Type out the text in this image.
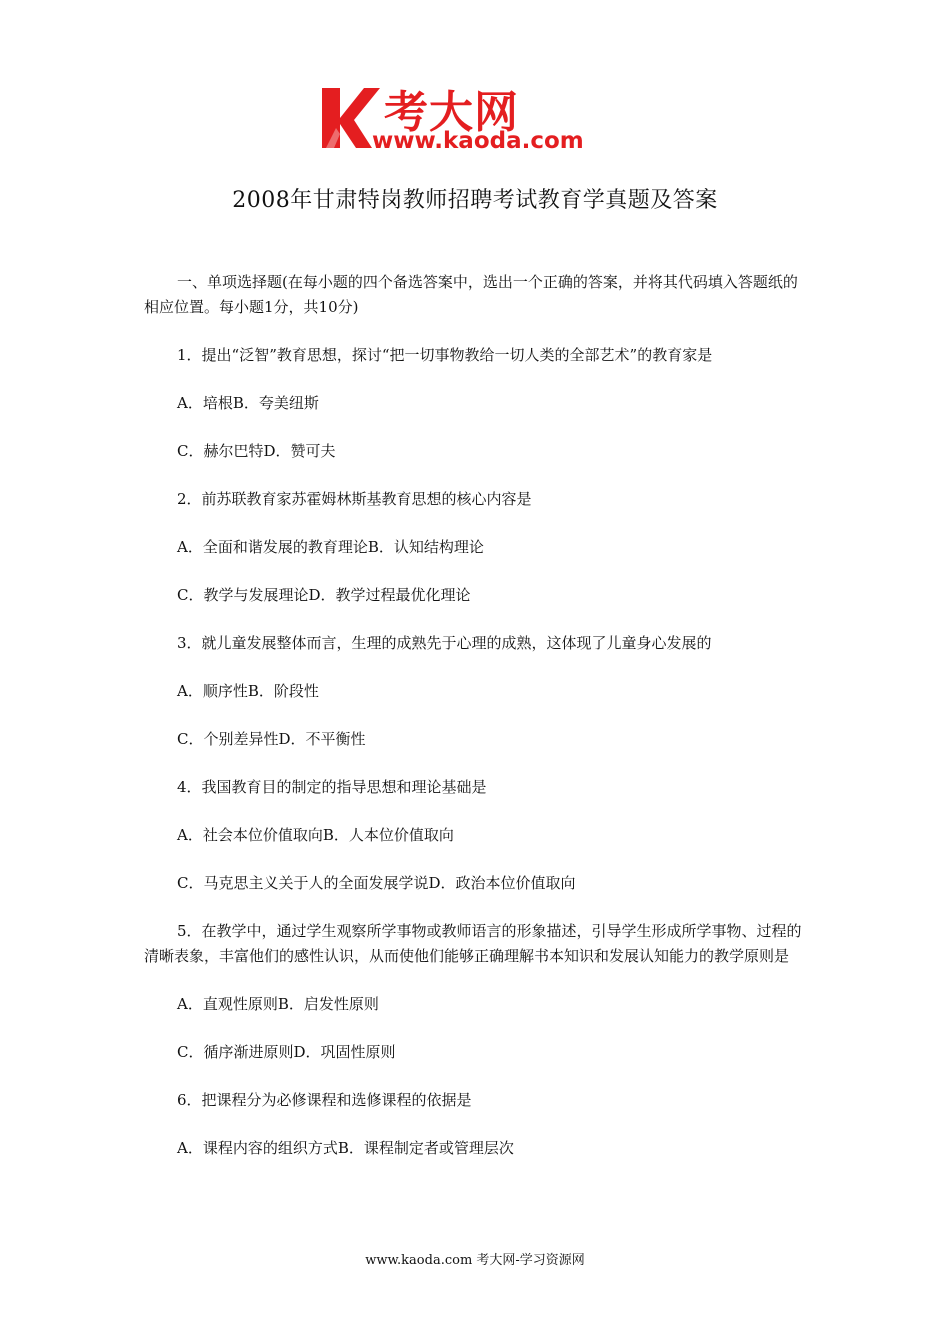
考大网
www.kaoda.com
2008年甘肃特岗教师招聘考试教育学真题及答案

一、单项选择题(在每小题的四个备选答案中，选出一个正确的答案，并将其代码填入答题纸的相应位置。每小题1分，共10分)

1．提出“泛智”教育思想，探讨“把一切事物教给一切人类的全部艺术”的教育家是

A．培根B．夸美纽斯

C．赫尔巴特D．赞可夫

2．前苏联教育家苏霍姆林斯基教育思想的核心内容是

A．全面和谐发展的教育理论B．认知结构理论

C．教学与发展理论D．教学过程最优化理论

3．就儿童发展整体而言，生理的成熟先于心理的成熟，这体现了儿童身心发展的

A．顺序性B．阶段性

C．个别差异性D．不平衡性

4．我国教育目的制定的指导思想和理论基础是

A．社会本位价值取向B．人本位价值取向

C．马克思主义关于人的全面发展学说D．政治本位价值取向

5．在教学中，通过学生观察所学事物或教师语言的形象描述，引导学生形成所学事物、过程的清晰表象，丰富他们的感性认识，从而使他们能够正确理解书本知识和发展认知能力的教学原则是

A．直观性原则B．启发性原则

C．循序渐进原则D．巩固性原则

6．把课程分为必修课程和选修课程的依据是

A．课程内容的组织方式B．课程制定者或管理层次

www.kaoda.com 考大网-学习资源网
